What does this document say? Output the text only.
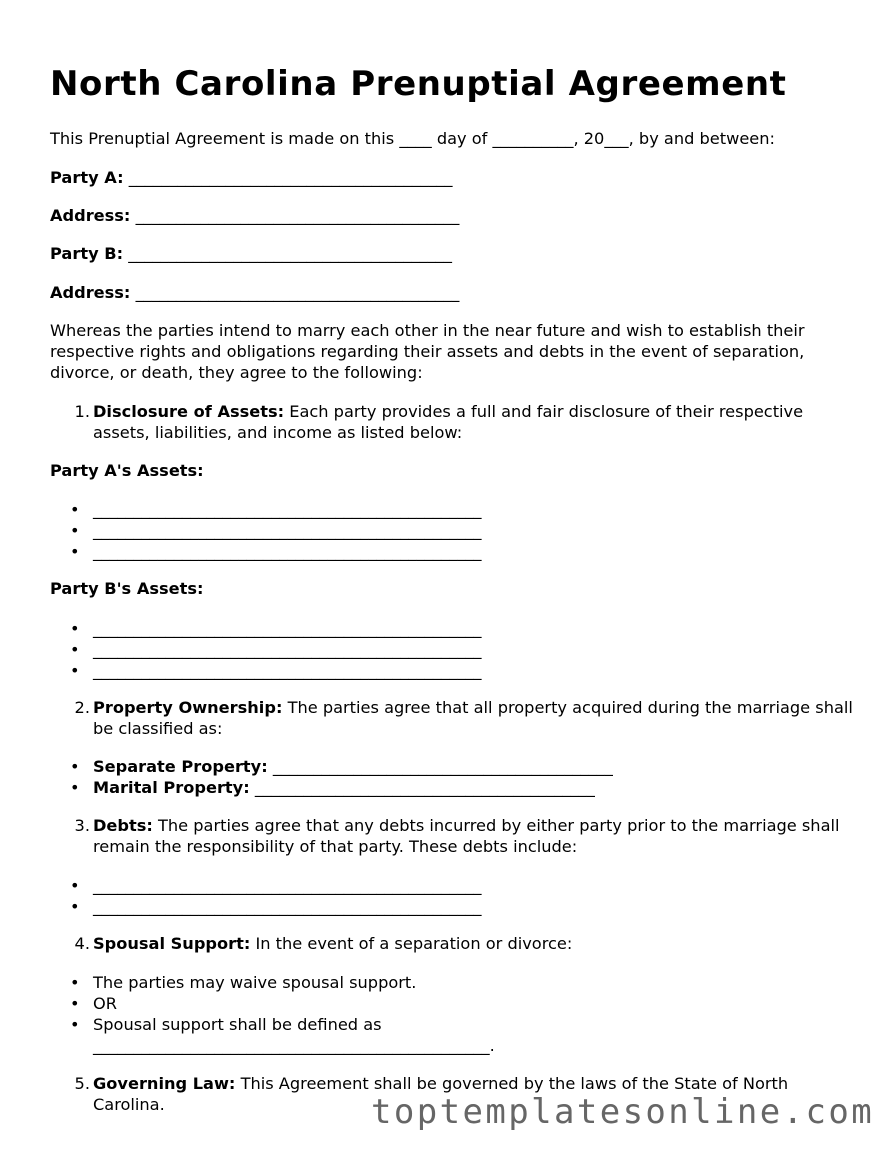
North Carolina Prenuptial Agreement

This Prenuptial Agreement is made on this ____ day of __________, 20___, by and between:

Party A: ________________________________________

Address: ________________________________________

Party B: ________________________________________

Address: ________________________________________

Whereas the parties intend to marry each other in the near future and wish to establish their respective rights and obligations regarding their assets and debts in the event of separation, divorce, or death, they agree to the following:

1. Disclosure of Assets: Each party provides a full and fair disclosure of their respective assets, liabilities, and income as listed below:

Party A's Assets:

• ________________________________________________
• ________________________________________________
• ________________________________________________

Party B's Assets:

• ________________________________________________
• ________________________________________________
• ________________________________________________
2. Property Ownership: The parties agree that all property acquired during the marriage shall be classified as:

• Separate Property: __________________________________________
• Marital Property: __________________________________________
3. Debts: The parties agree that any debts incurred by either party prior to the marriage shall remain the responsibility of that party. These debts include:

• ________________________________________________
• ________________________________________________
4. Spousal Support: In the event of a separation or divorce:

• The parties may waive spousal support.
• OR
• Spousal support shall be defined as
_________________________________________________.
5. Governing Law: This Agreement shall be governed by the laws of the State of North Carolina.	toptemplatesonline.com
